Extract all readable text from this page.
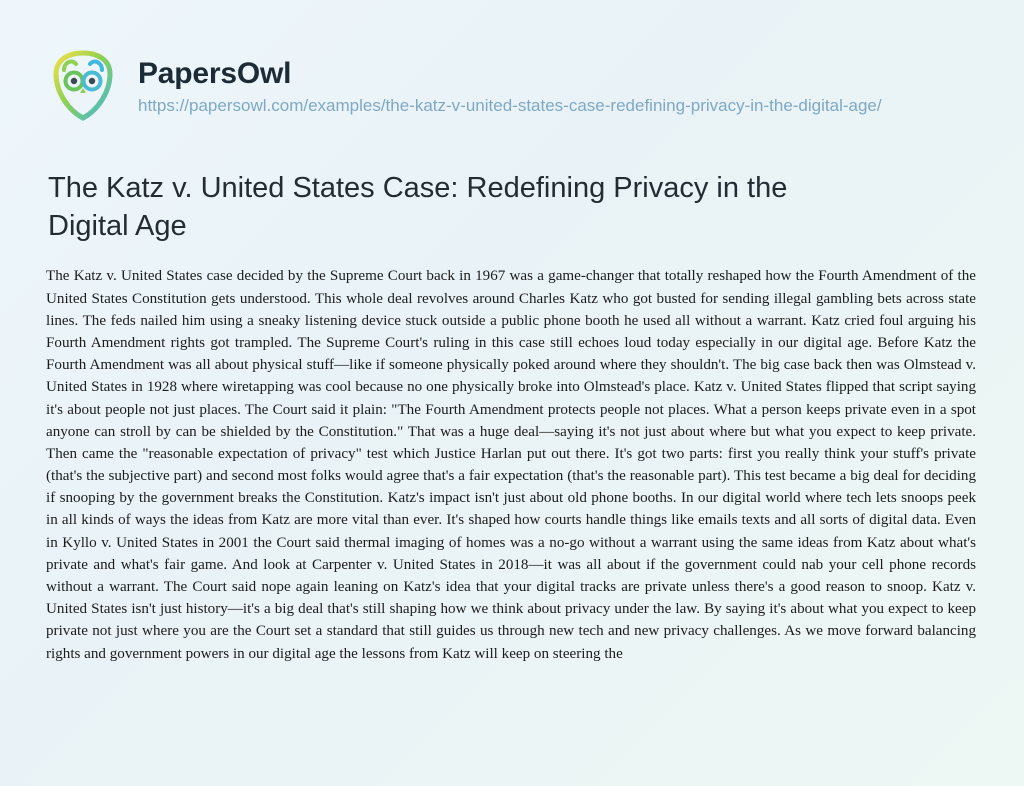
PapersOwl
https://papersowl.com/examples/the-katz-v-united-states-case-redefining-privacy-in-the-digital-age/
The Katz v. United States Case: Redefining Privacy in the Digital Age
The Katz v. United States case decided by the Supreme Court back in 1967 was a game-changer that totally reshaped how the Fourth Amendment of the United States Constitution gets understood. This whole deal revolves around Charles Katz who got busted for sending illegal gambling bets across state lines. The feds nailed him using a sneaky listening device stuck outside a public phone booth he used all without a warrant. Katz cried foul arguing his Fourth Amendment rights got trampled. The Supreme Court's ruling in this case still echoes loud today especially in our digital age. Before Katz the Fourth Amendment was all about physical stuff—like if someone physically poked around where they shouldn't. The big case back then was Olmstead v. United States in 1928 where wiretapping was cool because no one physically broke into Olmstead's place. Katz v. United States flipped that script saying it's about people not just places. The Court said it plain: "The Fourth Amendment protects people not places. What a person keeps private even in a spot anyone can stroll by can be shielded by the Constitution." That was a huge deal—saying it's not just about where but what you expect to keep private. Then came the "reasonable expectation of privacy" test which Justice Harlan put out there. It's got two parts: first you really think your stuff's private (that's the subjective part) and second most folks would agree that's a fair expectation (that's the reasonable part). This test became a big deal for deciding if snooping by the government breaks the Constitution. Katz's impact isn't just about old phone booths. In our digital world where tech lets snoops peek in all kinds of ways the ideas from Katz are more vital than ever. It's shaped how courts handle things like emails texts and all sorts of digital data. Even in Kyllo v. United States in 2001 the Court said thermal imaging of homes was a no-go without a warrant using the same ideas from Katz about what's private and what's fair game. And look at Carpenter v. United States in 2018—it was all about if the government could nab your cell phone records without a warrant. The Court said nope again leaning on Katz's idea that your digital tracks are private unless there's a good reason to snoop. Katz v. United States isn't just history—it's a big deal that's still shaping how we think about privacy under the law. By saying it's about what you expect to keep private not just where you are the Court set a standard that still guides us through new tech and new privacy challenges. As we move forward balancing rights and government powers in our digital age the lessons from Katz will keep on steering the
